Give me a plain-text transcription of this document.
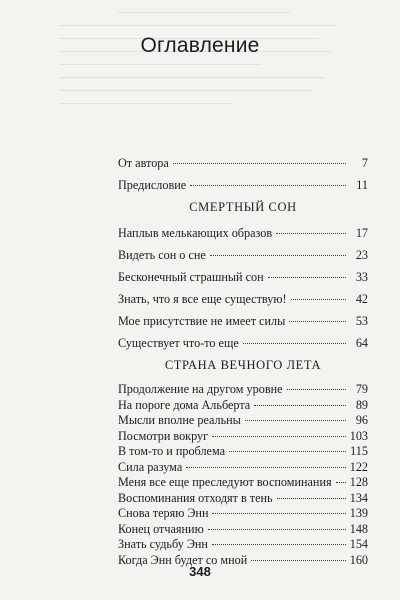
Оглавление
От автора	7
Предисловие	11
СМЕРТНЫЙ СОН
Наплыв мелькающих образов	17
Видеть сон о сне	23
Бесконечный страшный сон	33
Знать, что я все еще существую!	42
Мое присутствие не имеет силы	53
Существует что-то еще	64
СТРАНА ВЕЧНОГО ЛЕТА
Продолжение на другом уровне	79
На пороге дома Альберта	89
Мысли вполне реальны	96
Посмотри вокруг	103
В том-то и проблема	115
Сила разума	122
Меня все еще преследуют воспоминания 128
Воспоминания отходят в тень	134
Снова теряю Энн	139
Конец отчаянию	148
Знать судьбу Энн	154
Когда Энн будет со мной	160
348
